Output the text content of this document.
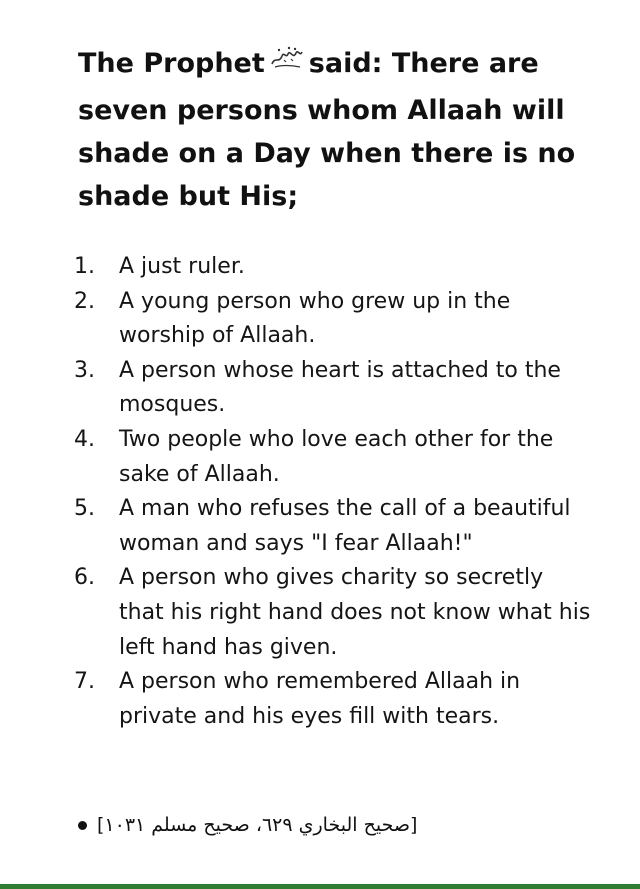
The Prophet said: There are seven persons whom Allaah will shade on a Day when there is no shade but His;
1.	A just ruler.
2.	A young person who grew up in the worship of Allaah.
3.	A person whose heart is attached to the mosques.
4.	Two people who love each other for the sake of Allaah.
5.	A man who refuses the call of a beautiful woman and says "I fear Allaah!"
6.	A person who gives charity so secretly that his right hand does not know what his left hand has given.
7.	A person who remembered Allaah in private and his eyes fill with tears.
[صحيح البخاري ٦٢٩، صحيح مسلم ١٠٣١]
